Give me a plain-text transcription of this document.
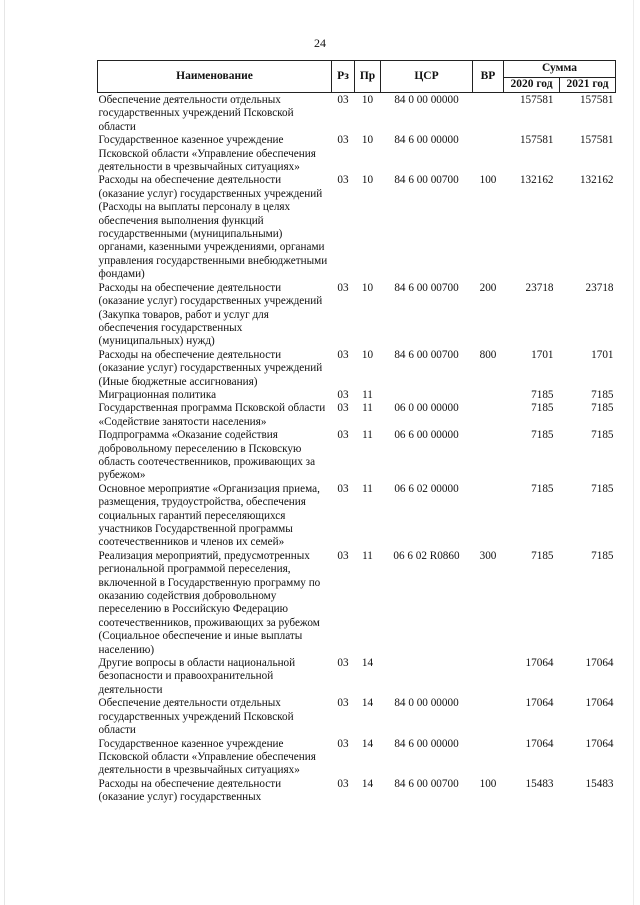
24
Наименование	Рз	Пр	ЦСР	ВР	Сумма	
					2020 год	2021 год
Обеспечение деятельности отдельных государственных учреждений Псковской области	03	10	84 0 00 00000		157581	157581
Государственное казенное учреждение Псковской области «Управление обеспечения деятельности в чрезвычайных ситуациях»	03	10	84 6 00 00000		157581	157581
Расходы на обеспечение деятельности (оказание услуг) государственных учреждений (Расходы на выплаты персоналу в целях обеспечения выполнения функций государственными (муниципальными) органами, казенными учреждениями, органами управления государственными внебюджетными фондами)	03	10	84 6 00 00700	100	132162	132162
Расходы на обеспечение деятельности (оказание услуг) государственных учреждений (Закупка товаров, работ и услуг для обеспечения государственных (муниципальных) нужд)	03	10	84 6 00 00700	200	23718	23718
Расходы на обеспечение деятельности (оказание услуг) государственных учреждений (Иные бюджетные ассигнования)	03	10	84 6 00 00700	800	1701	1701
Миграционная политика	03	11			7185	7185
Государственная программа Псковской области «Содействие занятости населения»	03	11	06 0 00 00000		7185	7185
Подпрограмма «Оказание содействия добровольному переселению в Псковскую область соотечественников, проживающих за рубежом»	03	11	06 6 00 00000		7185	7185
Основное мероприятие «Организация приема, размещения, трудоустройства, обеспечения социальных гарантий переселяющихся участников Государственной программы соотечественников и членов их семей»	03	11	06 6 02 00000		7185	7185
Реализация мероприятий, предусмотренных региональной программой переселения, включенной в Государственную программу по оказанию содействия добровольному переселению в Российскую Федерацию соотечественников, проживающих за рубежом (Социальное обеспечение и иные выплаты населению)	03	11	06 6 02 R0860	300	7185	7185
Другие вопросы в области национальной безопасности и правоохранительной деятельности	03	14			17064	17064
Обеспечение деятельности отдельных государственных учреждений Псковской области	03	14	84 0 00 00000		17064	17064
Государственное казенное учреждение Псковской области «Управление обеспечения деятельности в чрезвычайных ситуациях»	03	14	84 6 00 00000		17064	17064
Расходы на обеспечение деятельности (оказание услуг) государственных	03	14	84 6 00 00700	100	15483	15483
